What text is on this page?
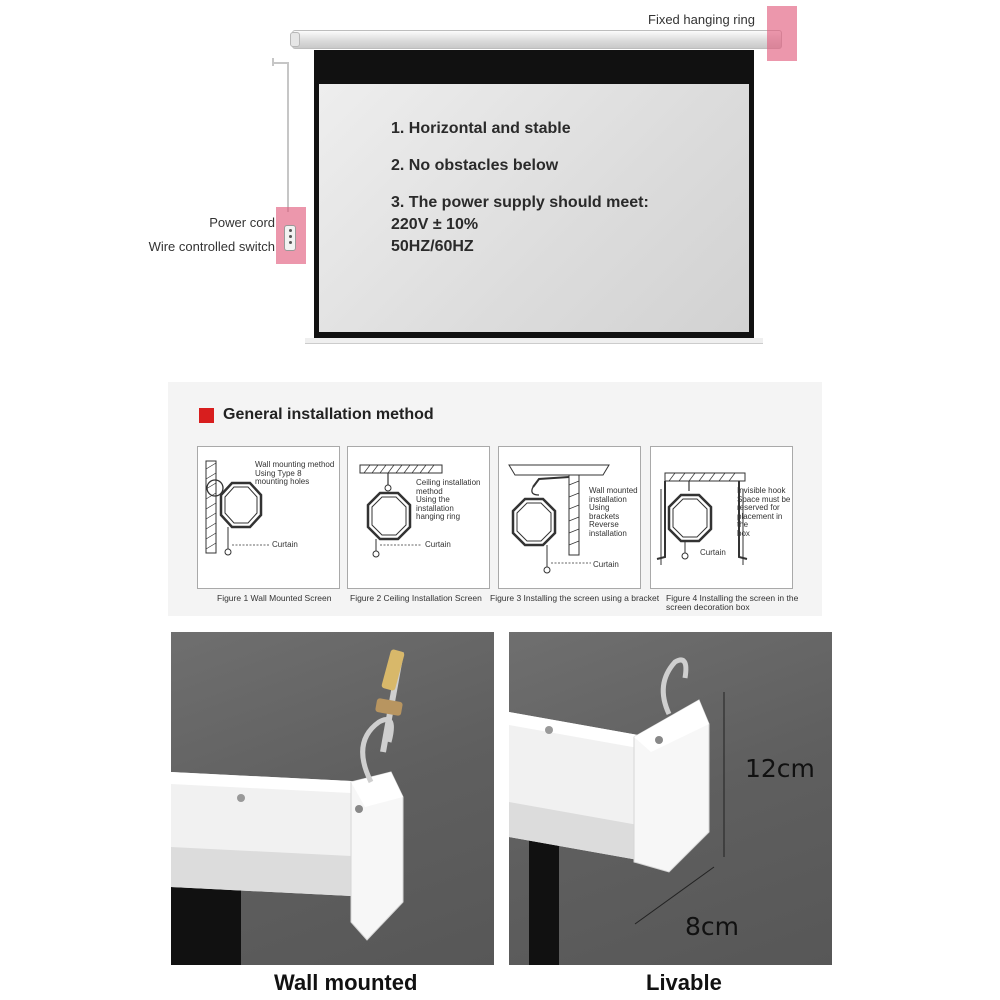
Fixed hanging ring
Power cord
Wire controlled switch
1. Horizontal and stable
2. No obstacles below
3. The power supply should meet:
220V ± 10%
50HZ/60HZ
General installation method
Wall mounting method
Using Type 8
mounting holes
Curtain
Figure 1 Wall Mounted Screen
Ceiling installation
method
Using the installation
hanging ring
Curtain
Figure 2 Ceiling Installation Screen
Wall mounted
installation
Using brackets
Reverse
installation
Curtain
Figure 3 Installing the screen using a bracket
Invisible hook
Space must be
reserved for
placement in the
box
Curtain
Figure 4 Installing the screen in the
screen decoration box
Wall mounted
12cm
8cm
Livable
